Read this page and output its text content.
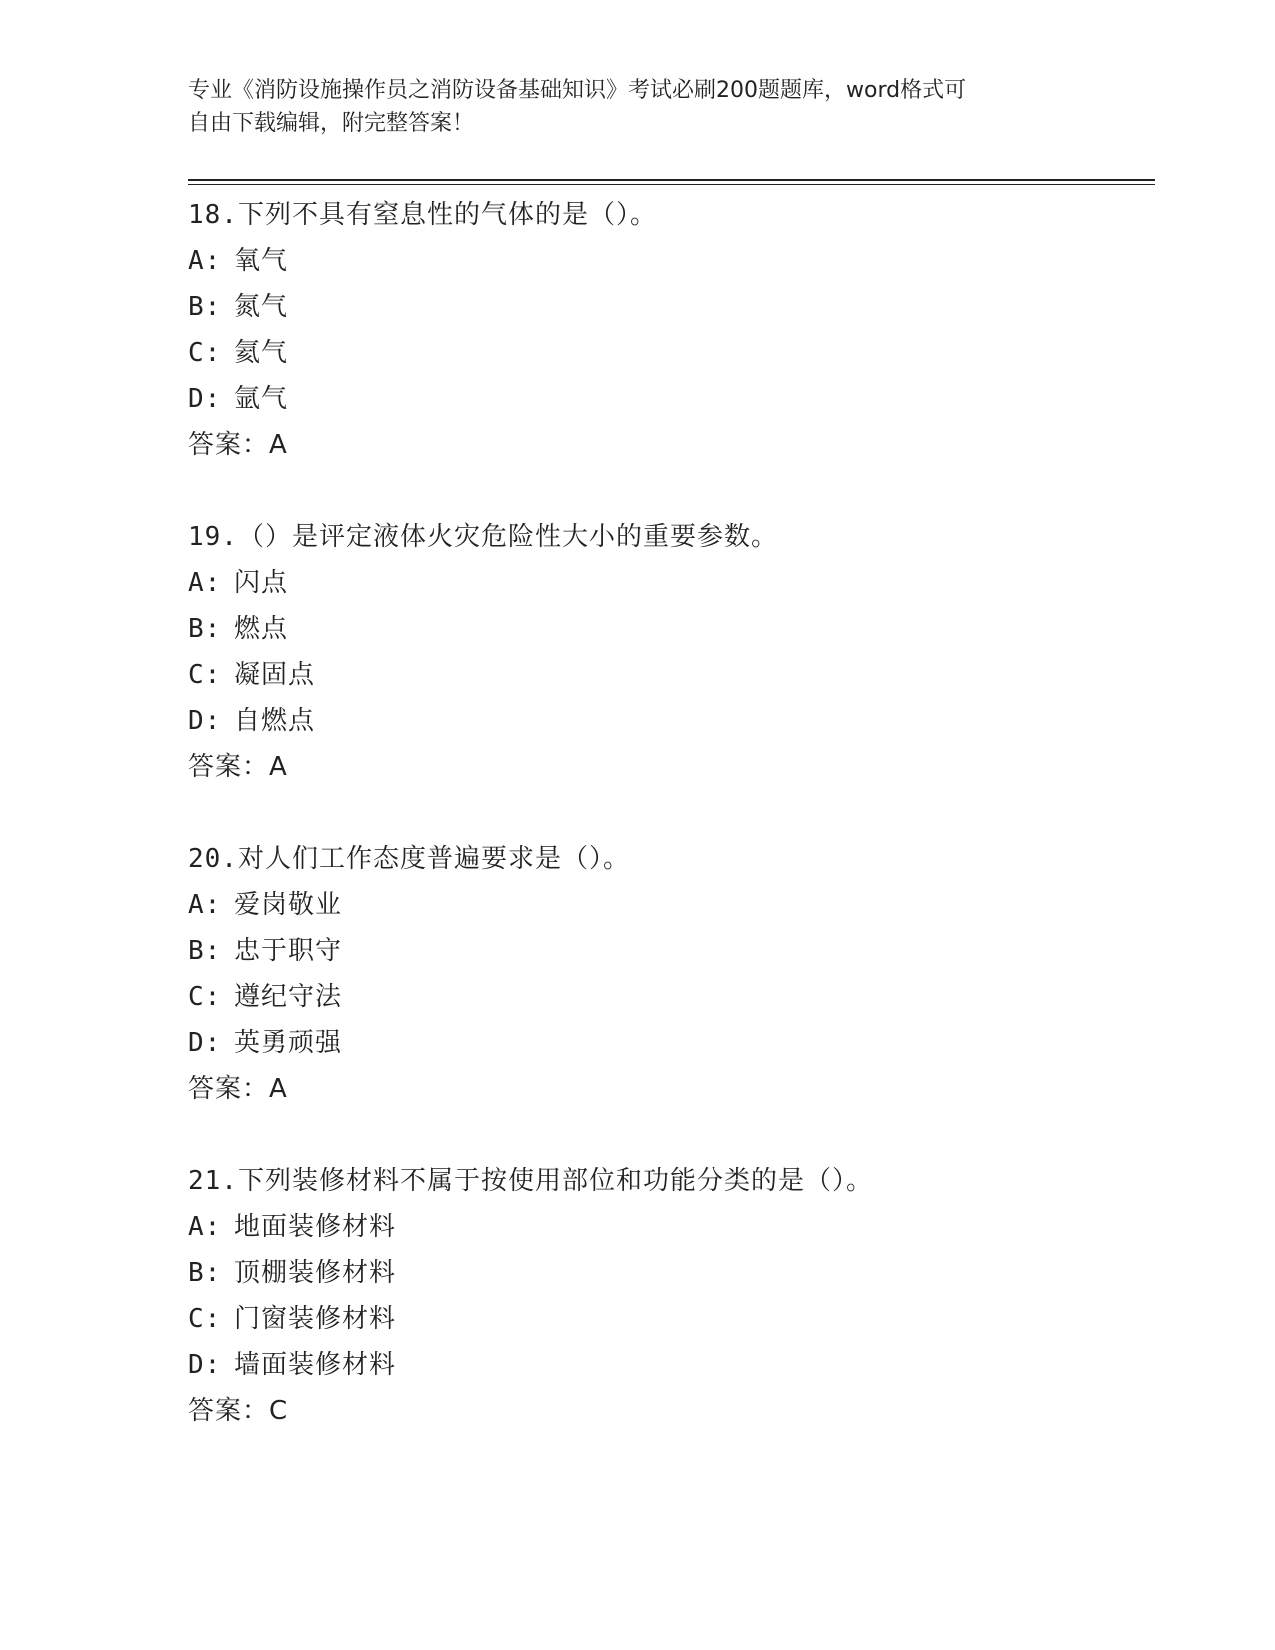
专业《消防设施操作员之消防设备基础知识》考试必刷200题题库，word格式可
自由下载编辑，附完整答案！
18.下列不具有窒息性的气体的是（）。
A: 氧气
B: 氮气
C: 氦气
D: 氩气
答案：A
19.（）是评定液体火灾危险性大小的重要参数。
A: 闪点
B: 燃点
C: 凝固点
D: 自燃点
答案：A
20.对人们工作态度普遍要求是（）。
A: 爱岗敬业
B: 忠于职守
C: 遵纪守法
D: 英勇顽强
答案：A
21.下列装修材料不属于按使用部位和功能分类的是（）。
A: 地面装修材料
B: 顶棚装修材料
C: 门窗装修材料
D: 墙面装修材料
答案：C
